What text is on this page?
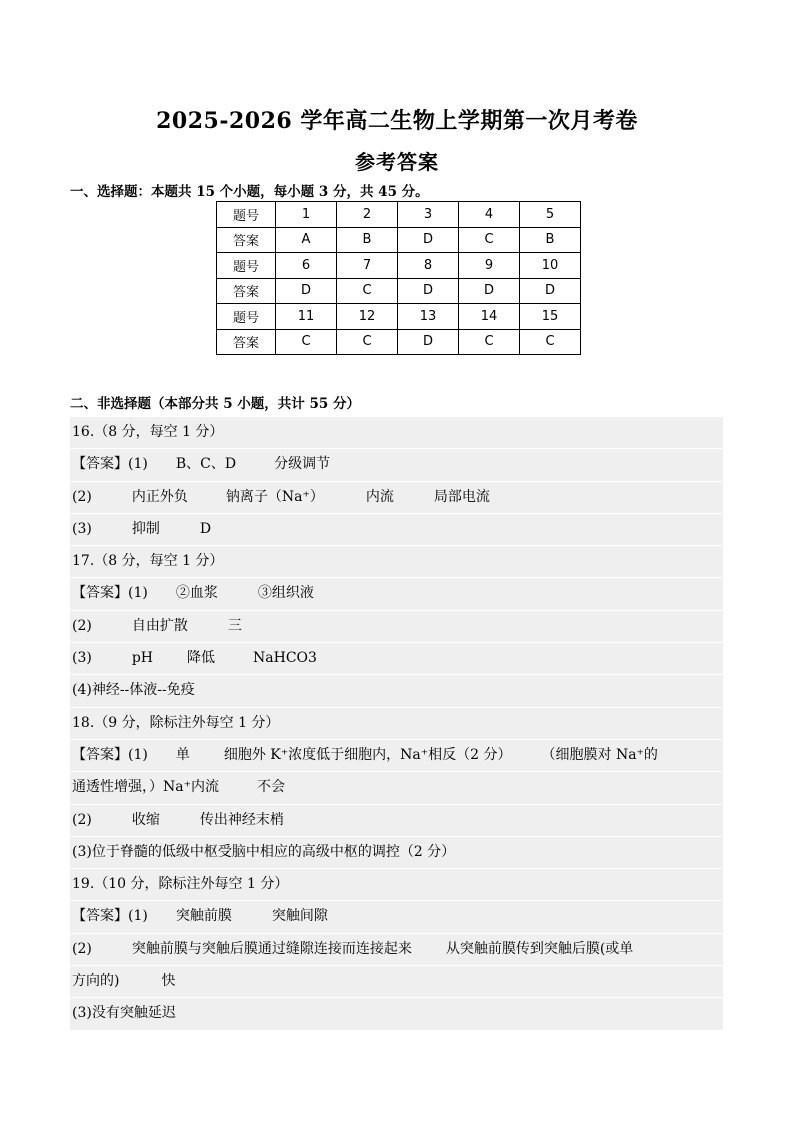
2025-2026 学年高二生物上学期第一次月考卷
参考答案
一、选择题：本题共 15 个小题，每小题 3 分，共 45 分。
题号	1	2	3	4	5
答案	A	B	D	C	B
题号	6	7	8	9	10
答案	D	C	D	D	D
题号	11	12	13	14	15
答案	C	C	D	C	C
二、非选择题（本部分共 5 小题，共计 55 分）
16.（8 分，每空 1 分）
【答案】(1) B、C、D	分级调节
(2)	内正外负	钠离子（Na⁺）	内流	局部电流
(3)	抑制	D
17.（8 分，每空 1 分）
【答案】(1) ②血浆	③组织液
(2)	自由扩散	三
(3)	pH 降低	NaHCO3
(4)神经--体液--免疫
18.（9 分，除标注外每空 1 分）
【答案】(1) 单 细胞外 K⁺浓度低于细胞内，Na⁺相反（2 分） （细胞膜对 Na⁺的
通透性增强，）Na⁺内流	不会
(2)	收缩	传出神经末梢
(3)位于脊髓的低级中枢受脑中相应的高级中枢的调控（2 分）
19.（10 分，除标注外每空 1 分）
【答案】(1) 突触前膜	突触间隙
(2)	突触前膜与突触后膜通过缝隙连接而连接起来 从突触前膜传到突触后膜(或单
方向的)	快
(3)没有突触延迟
